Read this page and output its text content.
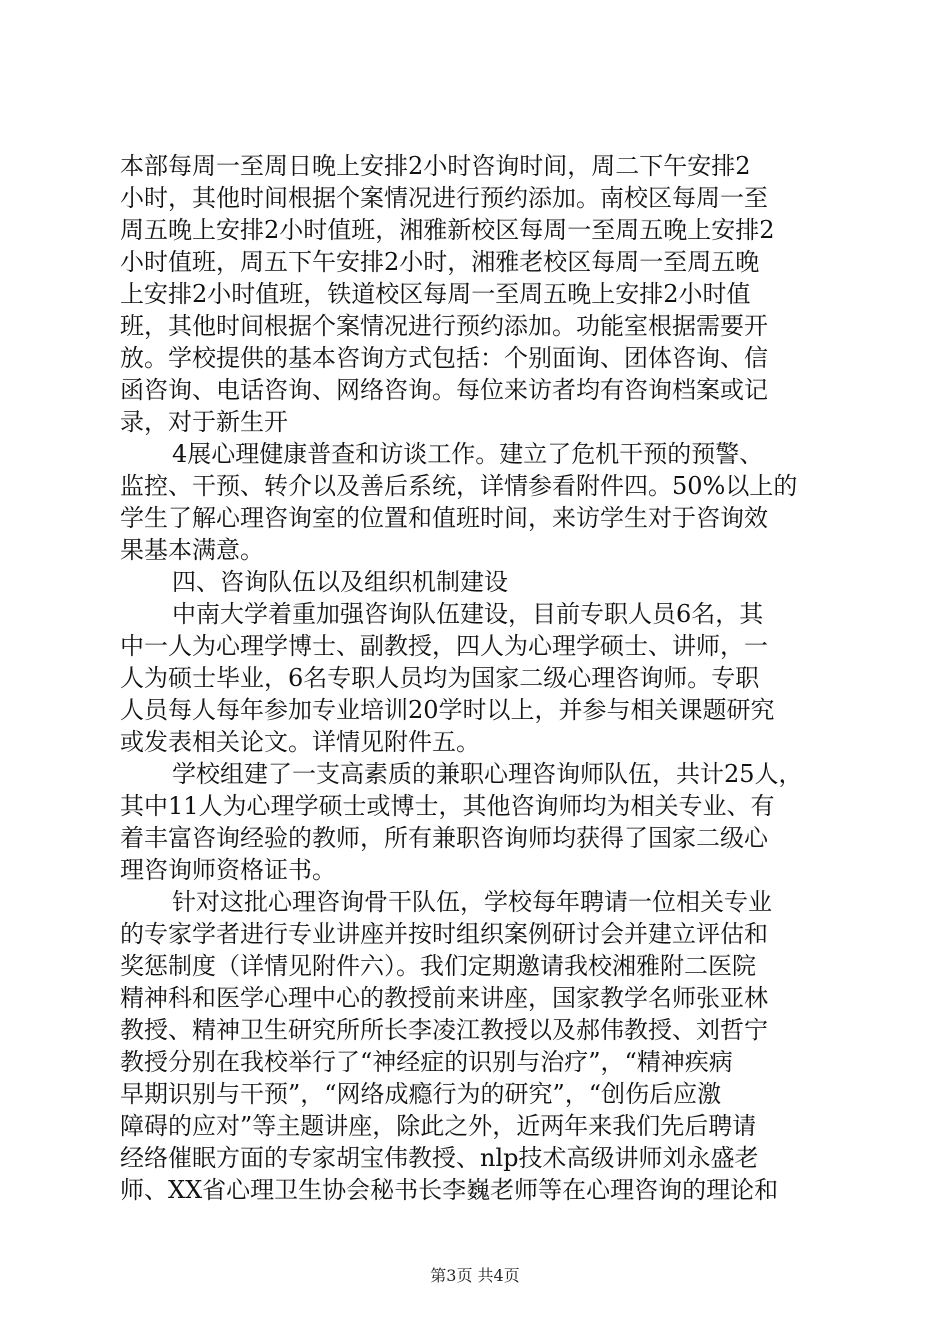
本部每周一至周日晚上安排2小时咨询时间，周二下午安排2
小时，其他时间根据个案情况进行预约添加。南校区每周一至
周五晚上安排2小时值班，湘雅新校区每周一至周五晚上安排2
小时值班，周五下午安排2小时，湘雅老校区每周一至周五晚
上安排2小时值班，铁道校区每周一至周五晚上安排2小时值
班，其他时间根据个案情况进行预约添加。功能室根据需要开
放。学校提供的基本咨询方式包括：个别面询、团体咨询、信
函咨询、电话咨询、网络咨询。每位来访者均有咨询档案或记
录，对于新生开
4展心理健康普查和访谈工作。建立了危机干预的预警、
监控、干预、转介以及善后系统，详情参看附件四。50%以上的
学生了解心理咨询室的位置和值班时间，来访学生对于咨询效
果基本满意。
四、咨询队伍以及组织机制建设
中南大学着重加强咨询队伍建设，目前专职人员6名，其
中一人为心理学博士、副教授，四人为心理学硕士、讲师，一
人为硕士毕业，6名专职人员均为国家二级心理咨询师。专职
人员每人每年参加专业培训20学时以上，并参与相关课题研究
或发表相关论文。详情见附件五。
学校组建了一支高素质的兼职心理咨询师队伍，共计25人，
其中11人为心理学硕士或博士，其他咨询师均为相关专业、有
着丰富咨询经验的教师，所有兼职咨询师均获得了国家二级心
理咨询师资格证书。
针对这批心理咨询骨干队伍，学校每年聘请一位相关专业
的专家学者进行专业讲座并按时组织案例研讨会并建立评估和
奖惩制度（详情见附件六）。我们定期邀请我校湘雅附二医院
精神科和医学心理中心的教授前来讲座，国家教学名师张亚林
教授、精神卫生研究所所长李凌江教授以及郝伟教授、刘哲宁
教授分别在我校举行了“神经症的识别与治疗”，“精神疾病
早期识别与干预”，“网络成瘾行为的研究”，“创伤后应激
障碍的应对”等主题讲座，除此之外，近两年来我们先后聘请
经络催眠方面的专家胡宝伟教授、nlp技术高级讲师刘永盛老
师、XX省心理卫生协会秘书长李巍老师等在心理咨询的理论和
第3页 共4页
